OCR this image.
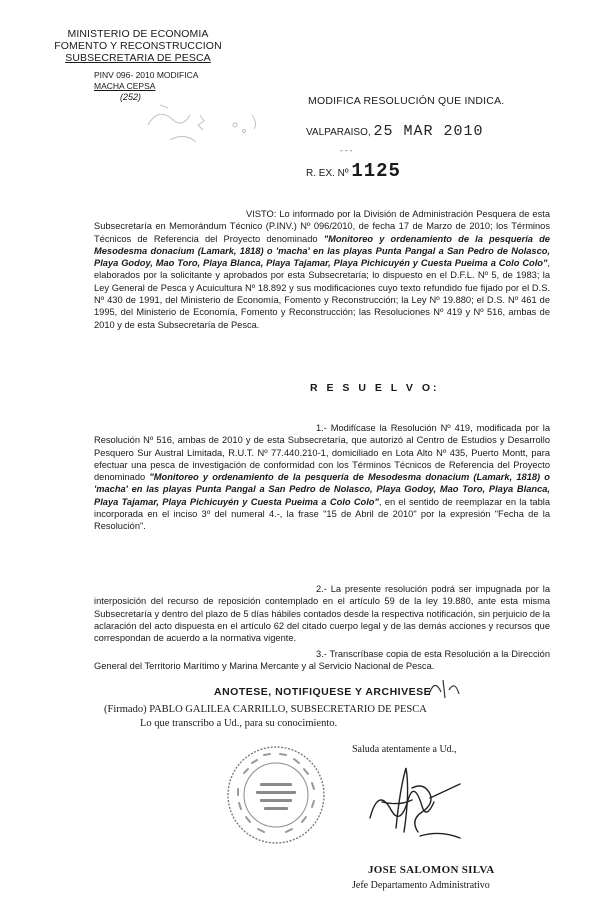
MINISTERIO DE ECONOMIA
FOMENTO Y RECONSTRUCCION
SUBSECRETARIA DE PESCA
PINV 096- 2010 MODIFICA
MACHA CEPSA
(252)	MODIFICA RESOLUCIÓN QUE INDICA.
VALPARAISO, 25 MAR 2010
- - -
R. EX. Nº 1125
VISTO: Lo informado por la División de Administración Pesquera de esta Subsecretaría en Memorándum Técnico (P.INV.) Nº 096/2010, de fecha 17 de Marzo de 2010; los Términos Técnicos de Referencia del Proyecto denominado "Monitoreo y ordenamiento de la pesquería de Mesodesma donacium (Lamark, 1818) o 'macha' en las playas Punta Pangal a San Pedro de Nolasco, Playa Godoy, Mao Toro, Playa Blanca, Playa Tajamar, Playa Pichicuyén y Cuesta Pueima a Colo Colo", elaborados por la solicitante y aprobados por esta Subsecretaría; lo dispuesto en el D.F.L. Nº 5, de 1983; la Ley General de Pesca y Acuicultura Nº 18.892 y sus modificaciones cuyo texto refundido fue fijado por el D.S. Nº 430 de 1991, del Ministerio de Economía, Fomento y Reconstrucción; la Ley Nº 19.880; el D.S. Nº 461 de 1995, del Ministerio de Economía, Fomento y Reconstrucción; las Resoluciones Nº 419 y Nº 516, ambas de 2010 y de esta Subsecretaría de Pesca.
R E S U E L V O:
1.- Modifícase la Resolución Nº 419, modificada por la Resolución Nº 516, ambas de 2010 y de esta Subsecretaría, que autorizó al Centro de Estudios y Desarrollo Pesquero Sur Austral Limitada, R.U.T. Nº 77.440.210-1, domiciliado en Lota Alto Nº 435, Puerto Montt, para efectuar una pesca de investigación de conformidad con los Términos Técnicos de Referencia del Proyecto denominado "Monitoreo y ordenamiento de la pesquería de Mesodesma donacium (Lamark, 1818) o 'macha' en las playas Punta Pangal a San Pedro de Nolasco, Playa Godoy, Mao Toro, Playa Blanca, Playa Tajamar, Playa Pichicuyén y Cuesta Pueima a Colo Colo", en el sentido de reemplazar en la tabla incorporada en el inciso 3º del numeral 4.-, la frase "15 de Abril de 2010" por la expresión "Fecha de la Resolución".
2.- La presente resolución podrá ser impugnada por la interposición del recurso de reposición contemplado en el artículo 59 de la ley 19.880, ante esta misma Subsecretaría y dentro del plazo de 5 días hábiles contados desde la respectiva notificación, sin perjuicio de la aclaración del acto dispuesta en el artículo 62 del citado cuerpo legal y de las demás acciones y recursos que correspondan de acuerdo a la normativa vigente.
3.- Transcríbase copia de esta Resolución a la Dirección General del Territorio Marítimo y Marina Mercante y al Servicio Nacional de Pesca.
ANOTESE, NOTIFIQUESE Y ARCHIVESE
(Firmado) PABLO GALILEA CARRILLO, SUBSECRETARIO DE PESCA
Lo que transcribo a Ud., para su conocimiento.
Saluda atentamente a Ud.,
JOSE SALOMON SILVA
Jefe Departamento Administrativo
